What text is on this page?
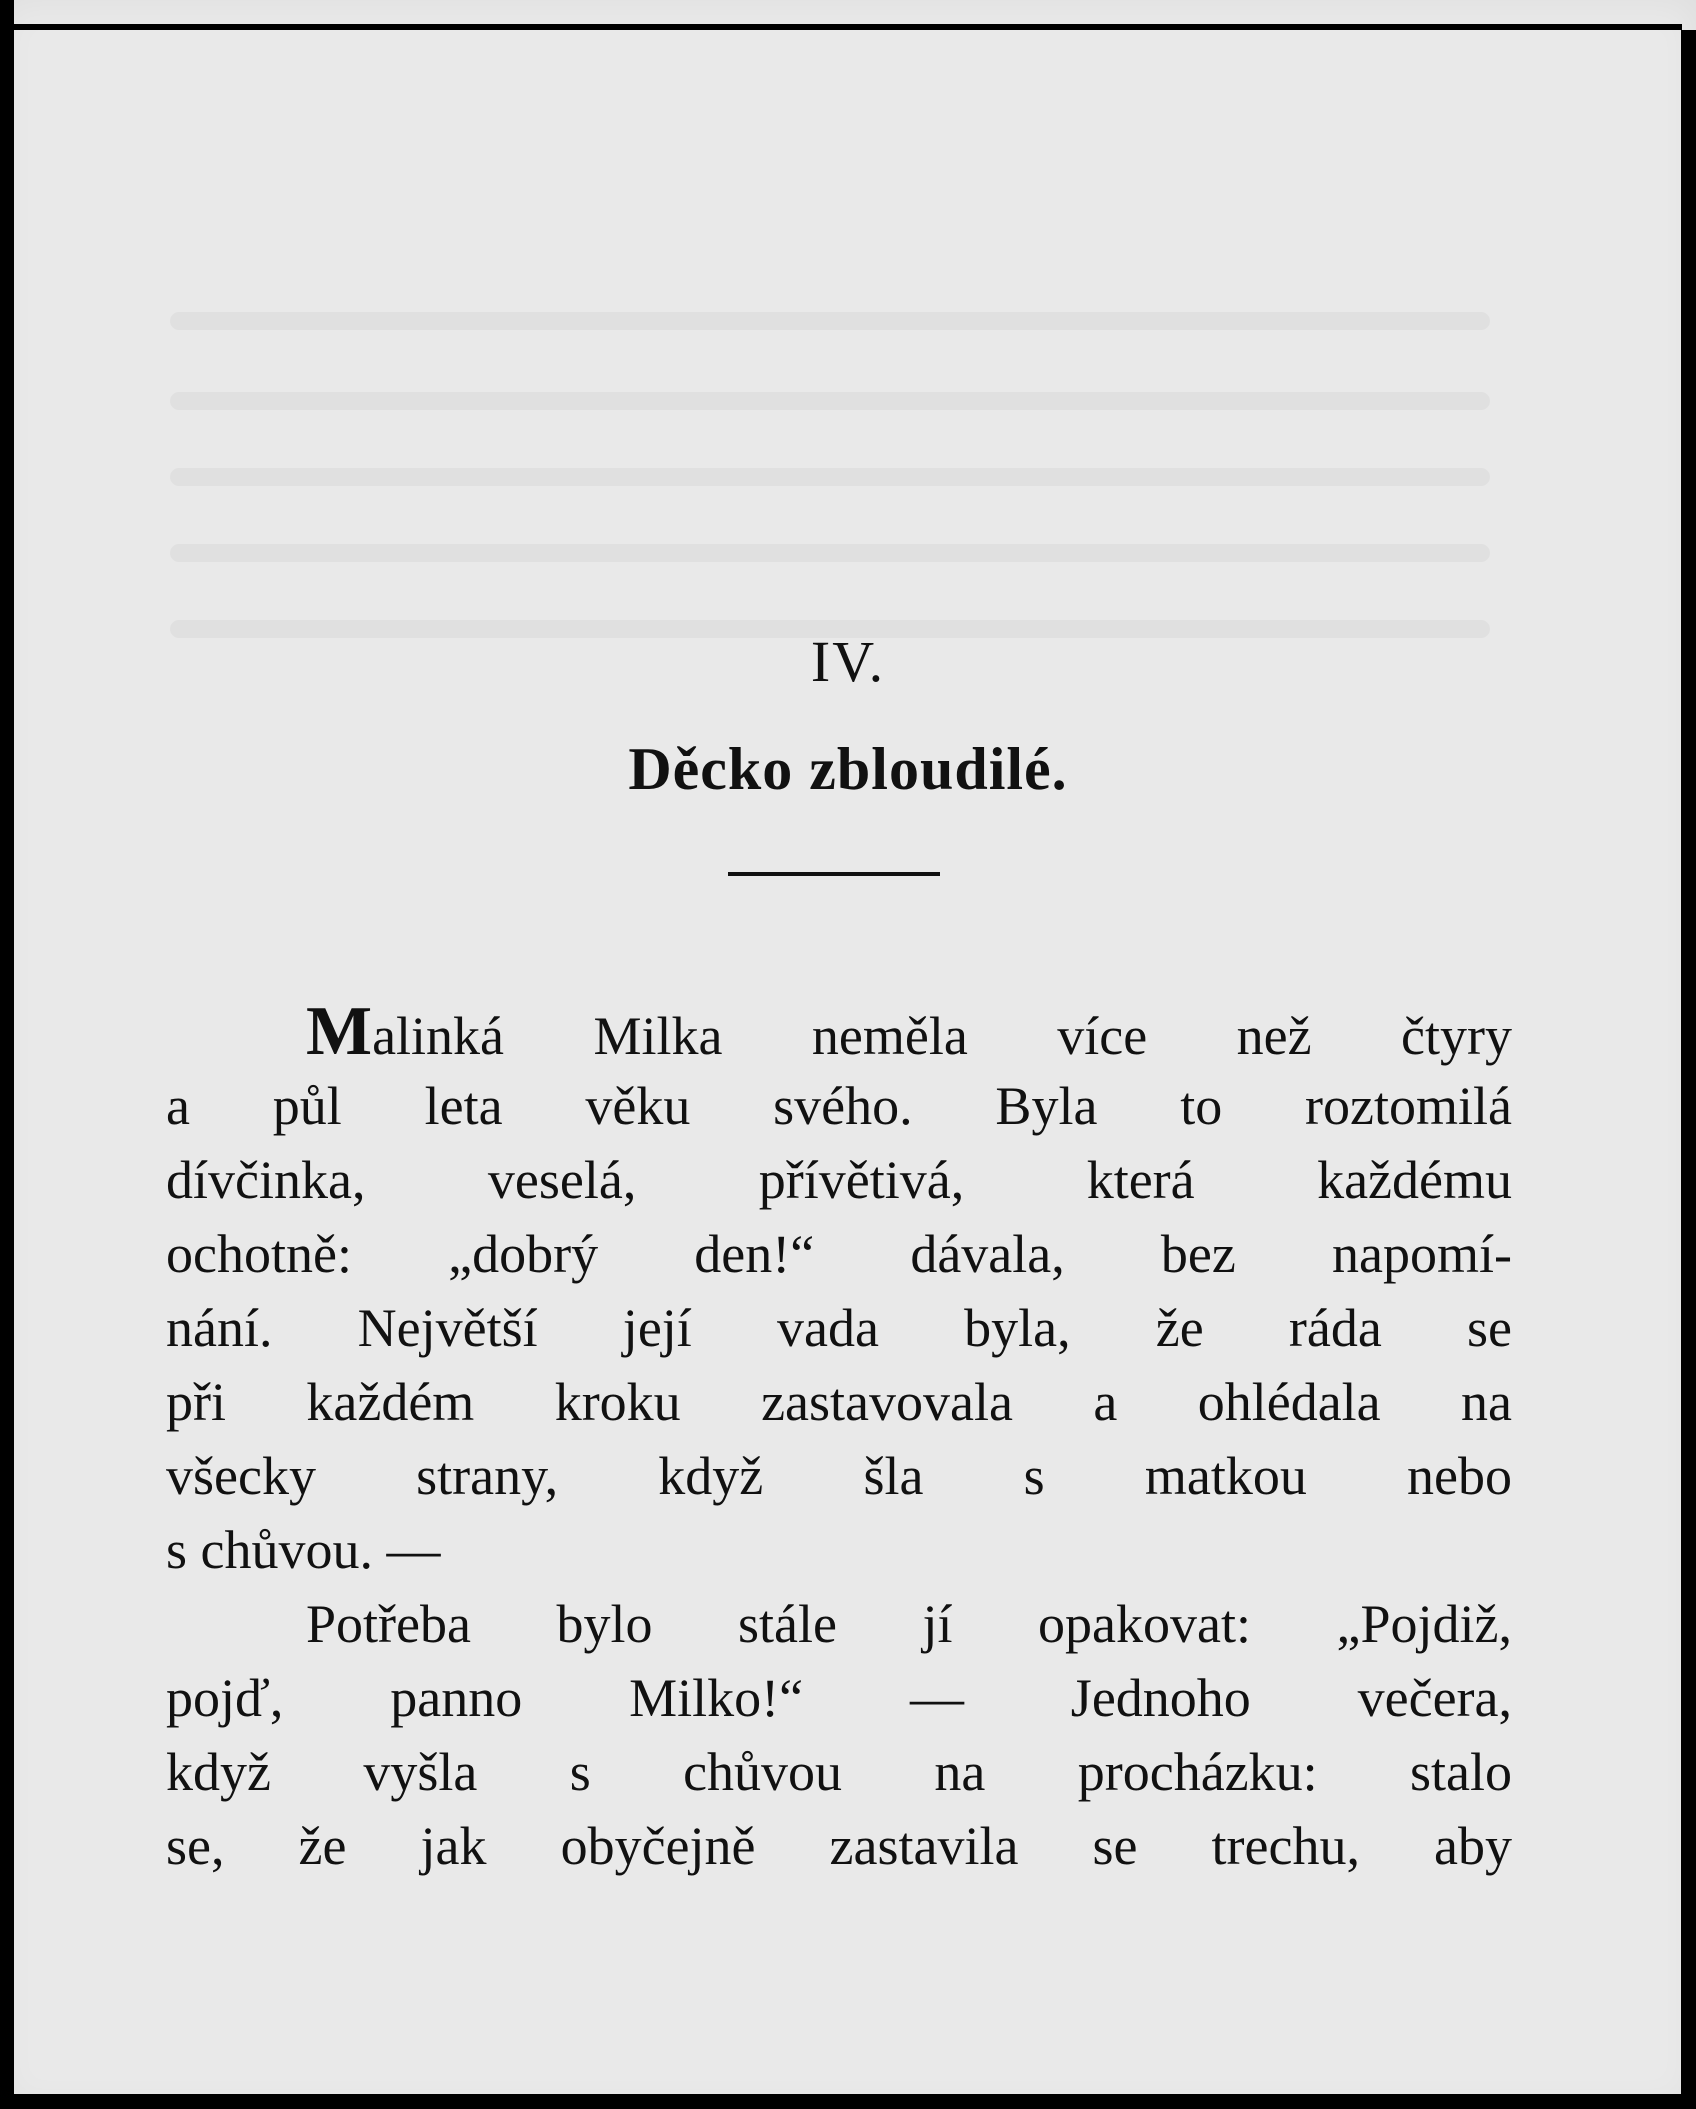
IV.
Děcko zbloudilé.
Malinká Milka neměla více než čtyry
a půl leta věku svého. Byla to roztomilá
dívčinka, veselá, přívětivá, která každému
ochotně: „dobrý den!“ dávala, bez napomí-
nání. Největší její vada byla, že ráda se
při každém kroku zastavovala a ohlédala na
všecky strany, když šla s matkou nebo
s chůvou. —
Potřeba bylo stále jí opakovat: „Pojdiž,
pojď, panno Milko!“ — Jednoho večera,
když vyšla s chůvou na procházku: stalo
se, že jak obyčejně zastavila se trechu, aby
